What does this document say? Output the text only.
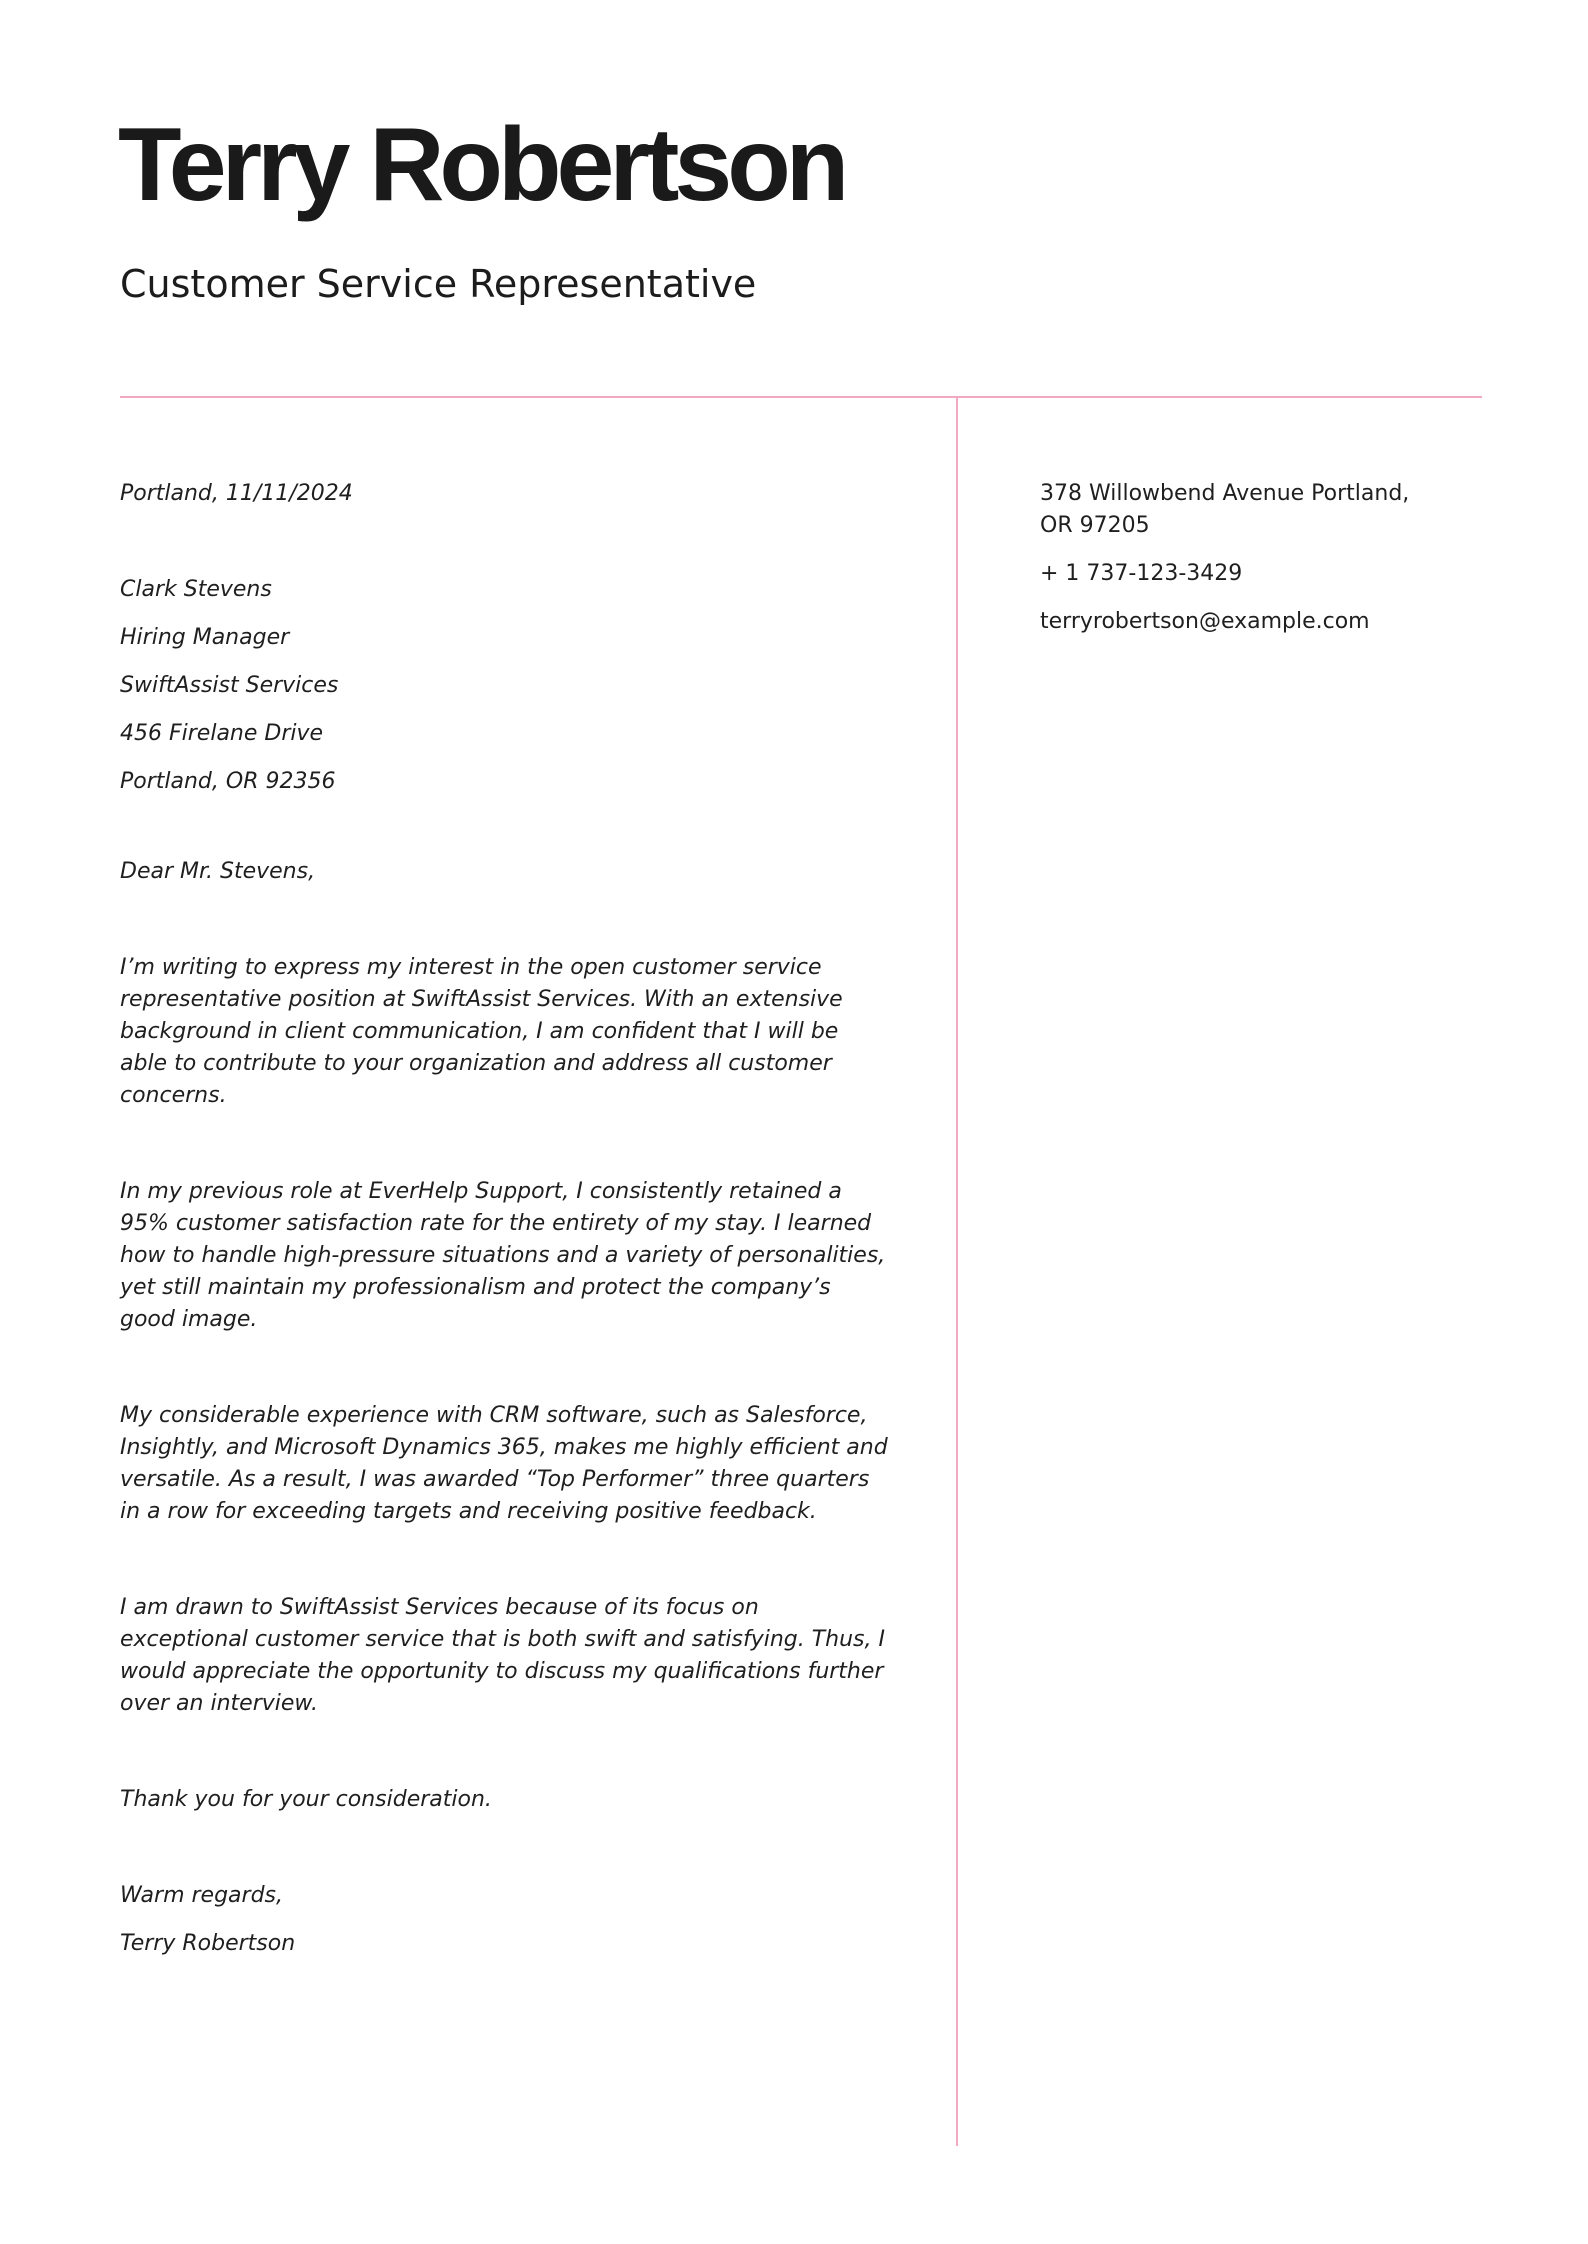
Terry Robertson
Customer Service Representative

Portland, 11/11/2024

Clark Stevens

Hiring Manager

SwiftAssist Services

456 Firelane Drive

Portland, OR 92356

Dear Mr. Stevens,

I’m writing to express my interest in the open customer service representative position at SwiftAssist Services. With an extensive background in client communication, I am confident that I will be able to contribute to your organization and address all customer concerns.

In my previous role at EverHelp Support, I consistently retained a 95% customer satisfaction rate for the entirety of my stay. I learned how to handle high-pressure situations and a variety of personalities, yet still maintain my professionalism and protect the company’s good image.

My considerable experience with CRM software, such as Salesforce, Insightly, and Microsoft Dynamics 365, makes me highly efficient and versatile. As a result, I was awarded “Top Performer” three quarters in a row for exceeding targets and receiving positive feedback.

I am drawn to SwiftAssist Services because of its focus on exceptional customer service that is both swift and satisfying. Thus, I would appreciate the opportunity to discuss my qualifications further over an interview.

Thank you for your consideration.

Warm regards,

Terry Robertson

378 Willowbend Avenue Portland, OR 97205

+ 1 737-123-3429

terryrobertson@example.com
